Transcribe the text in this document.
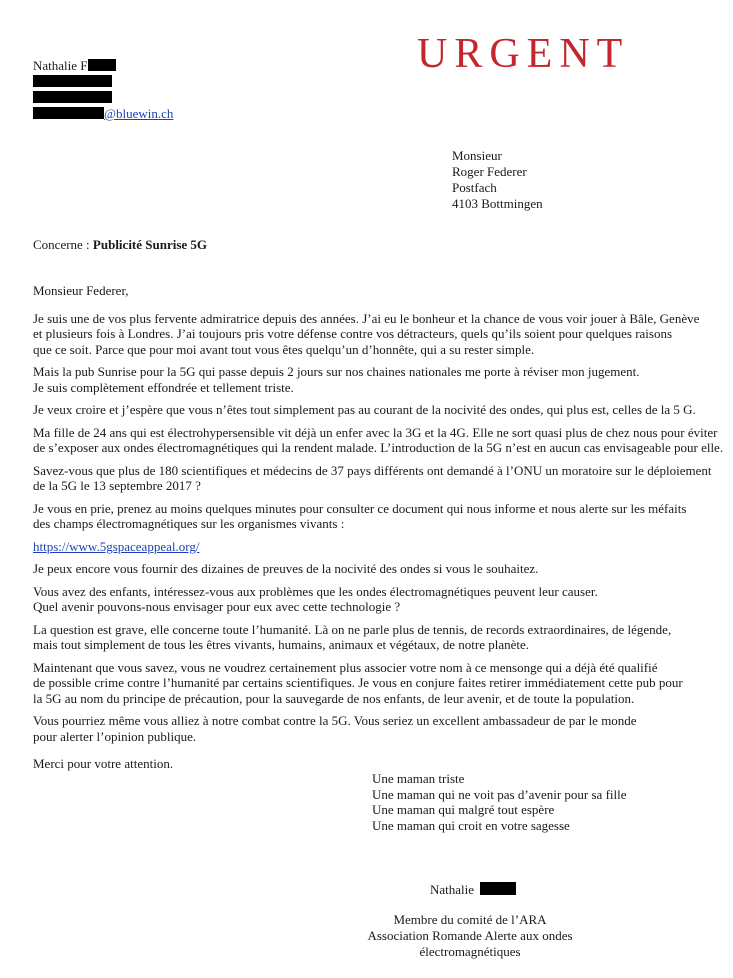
Nathalie F
@bluewin.ch
URGENT
Monsieur
Roger Federer
Postfach
4103 Bottmingen
Concerne : Publicité Sunrise 5G

Monsieur Federer,

Je suis une de vos plus fervente admiratrice depuis des années. J’ai eu le bonheur et la chance de vous voir jouer à Bâle, Genève
et plusieurs fois à Londres. J’ai toujours pris votre défense contre vos détracteurs, quels qu’ils soient pour quelques raisons
que ce soit. Parce que pour moi avant tout vous êtes quelqu’un d’honnête, qui a su rester simple.

Mais la pub Sunrise pour la 5G qui passe depuis 2 jours sur nos chaines nationales me porte à réviser mon jugement.
Je suis complètement effondrée et tellement triste.

Je veux croire et j’espère que vous n’êtes tout simplement pas au courant de la nocivité des ondes, qui plus est, celles de la 5 G.

Ma fille de 24 ans qui est électrohypersensible vit déjà un enfer avec la 3G et la 4G. Elle ne sort quasi plus de chez nous pour éviter
de s’exposer aux ondes électromagnétiques qui la rendent malade. L’introduction de la 5G n’est en aucun cas envisageable pour elle.

Savez-vous que plus de 180 scientifiques et médecins de 37 pays différents ont demandé à l’ONU un moratoire sur le déploiement
de la 5G le 13 septembre 2017 ?

Je vous en prie, prenez au moins quelques minutes pour consulter ce document qui nous informe et nous alerte sur les méfaits
des champs électromagnétiques sur les organismes vivants :

https://www.5gspaceappeal.org/

Je peux encore vous fournir des dizaines de preuves de la nocivité des ondes si vous le souhaitez.

Vous avez des enfants, intéressez-vous aux problèmes que les ondes électromagnétiques peuvent leur causer.
Quel avenir pouvons-nous envisager pour eux avec cette technologie ?

La question est grave, elle concerne toute l’humanité. Là on ne parle plus de tennis, de records extraordinaires, de légende,
mais tout simplement de tous les êtres vivants, humains, animaux et végétaux, de notre planète.

Maintenant que vous savez, vous ne voudrez certainement plus associer votre nom à ce mensonge qui a déjà été qualifié
de possible crime contre l’humanité par certains scientifiques. Je vous en conjure faites retirer immédiatement cette pub pour
la 5G au nom du principe de précaution, pour la sauvegarde de nos enfants, de leur avenir, et de toute la population.

Vous pourriez même vous alliez à notre combat contre la 5G. Vous seriez un excellent ambassadeur de par le monde
pour alerter l’opinion publique.

Merci pour votre attention.

Une maman triste
Une maman qui ne voit pas d’avenir pour sa fille
Une maman qui malgré tout espère
Une maman qui croit en votre sagesse
Nathalie
Membre du comité de l’ARA
Association Romande Alerte aux ondes électromagnétiques
